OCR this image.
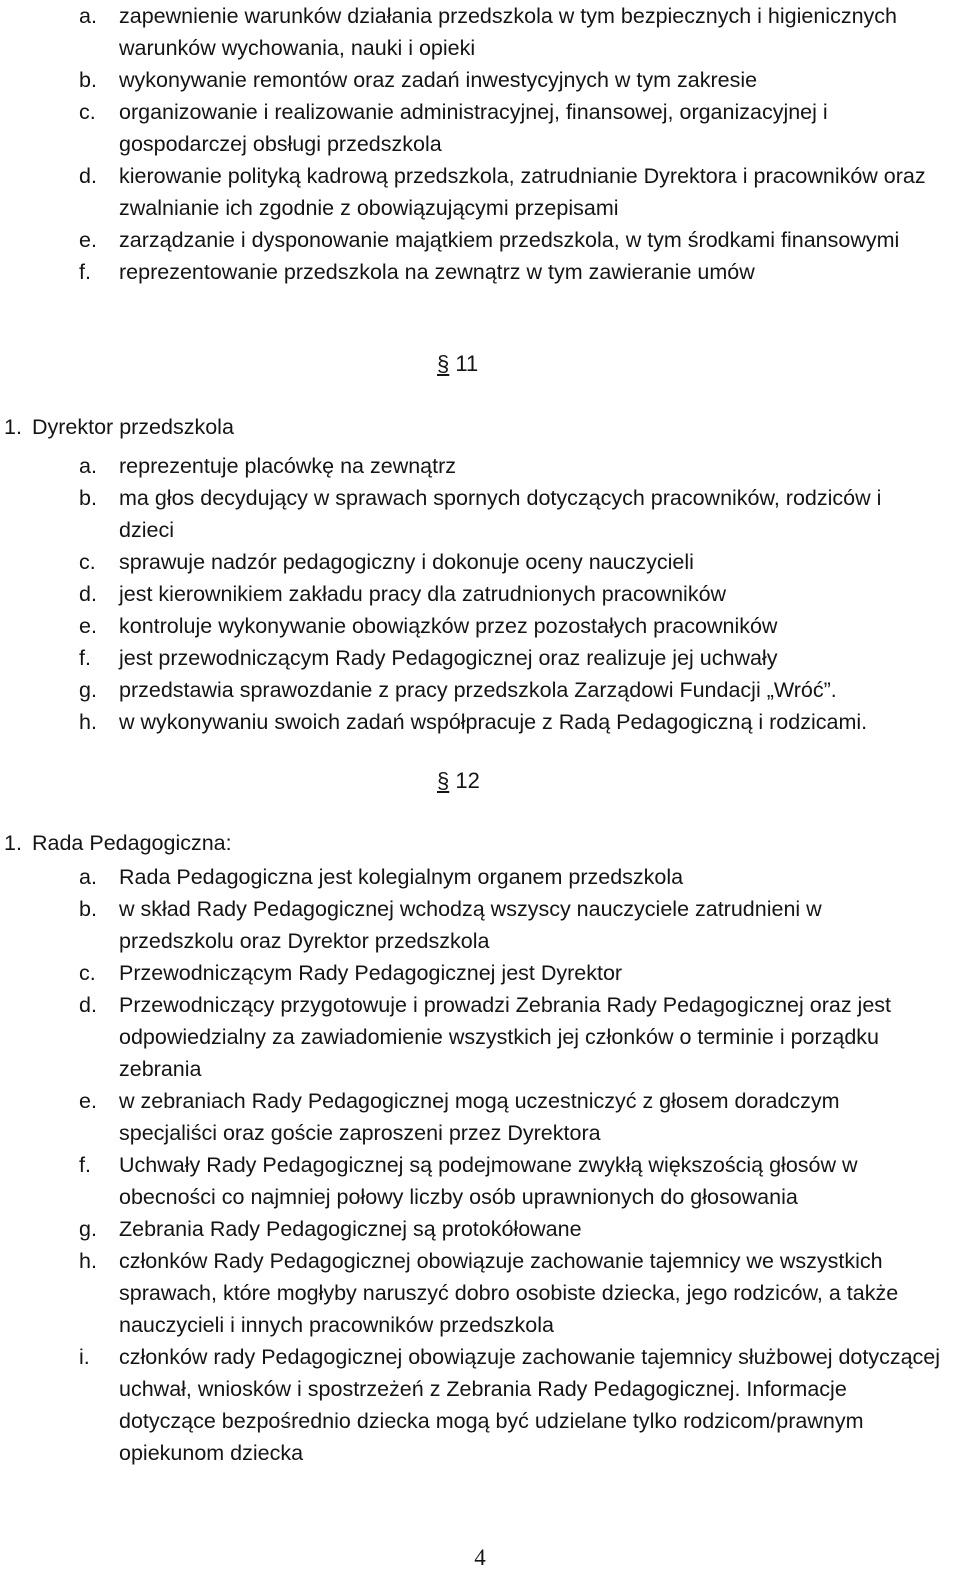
a. zapewnienie warunków działania przedszkola w tym bezpiecznych i higienicznych warunków wychowania, nauki i opieki
b. wykonywanie remontów oraz zadań inwestycyjnych w tym zakresie
c. organizowanie i realizowanie administracyjnej, finansowej, organizacyjnej i gospodarczej obsługi przedszkola
d. kierowanie polityką kadrową przedszkola, zatrudnianie Dyrektora i pracowników oraz zwalnianie ich zgodnie z obowiązującymi przepisami
e. zarządzanie i dysponowanie majątkiem przedszkola, w tym środkami finansowymi
f. reprezentowanie przedszkola na zewnątrz w tym zawieranie umów
§ 11
1. Dyrektor przedszkola
a. reprezentuje placówkę na zewnątrz
b. ma głos decydujący w sprawach spornych dotyczących pracowników, rodziców i dzieci
c. sprawuje nadzór pedagogiczny i dokonuje oceny nauczycieli
d. jest kierownikiem zakładu pracy dla zatrudnionych pracowników
e. kontroluje wykonywanie obowiązków przez pozostałych pracowników
f. jest przewodniczącym Rady Pedagogicznej oraz realizuje jej uchwały
g. przedstawia sprawozdanie z pracy przedszkola Zarządowi Fundacji „Wróć”.
h. w wykonywaniu swoich zadań współpracuje z Radą Pedagogiczną i rodzicami.
§ 12
1. Rada Pedagogiczna:
a. Rada Pedagogiczna jest kolegialnym organem przedszkola
b. w skład Rady Pedagogicznej wchodzą wszyscy nauczyciele zatrudnieni w przedszkolu oraz Dyrektor przedszkola
c. Przewodniczącym Rady Pedagogicznej jest Dyrektor
d. Przewodniczący przygotowuje i prowadzi Zebrania Rady Pedagogicznej oraz jest odpowiedzialny za zawiadomienie wszystkich jej członków o terminie i porządku zebrania
e. w zebraniach Rady Pedagogicznej mogą uczestniczyć z głosem doradczym specjaliści oraz goście zaproszeni przez Dyrektora
f. Uchwały Rady Pedagogicznej są podejmowane zwykłą większością głosów w obecności co najmniej połowy liczby osób uprawnionych do głosowania
g. Zebrania Rady Pedagogicznej są protokółowane
h. członków Rady Pedagogicznej obowiązuje zachowanie tajemnicy we wszystkich sprawach, które mogłyby naruszyć dobro osobiste dziecka, jego rodziców, a także nauczycieli i innych pracowników przedszkola
i. członków rady Pedagogicznej obowiązuje zachowanie tajemnicy służbowej dotyczącej uchwał, wniosków i spostrzeżeń z Zebrania Rady Pedagogicznej. Informacje dotyczące bezpośrednio dziecka mogą być udzielane tylko rodzicom/prawnym opiekunom dziecka
4
